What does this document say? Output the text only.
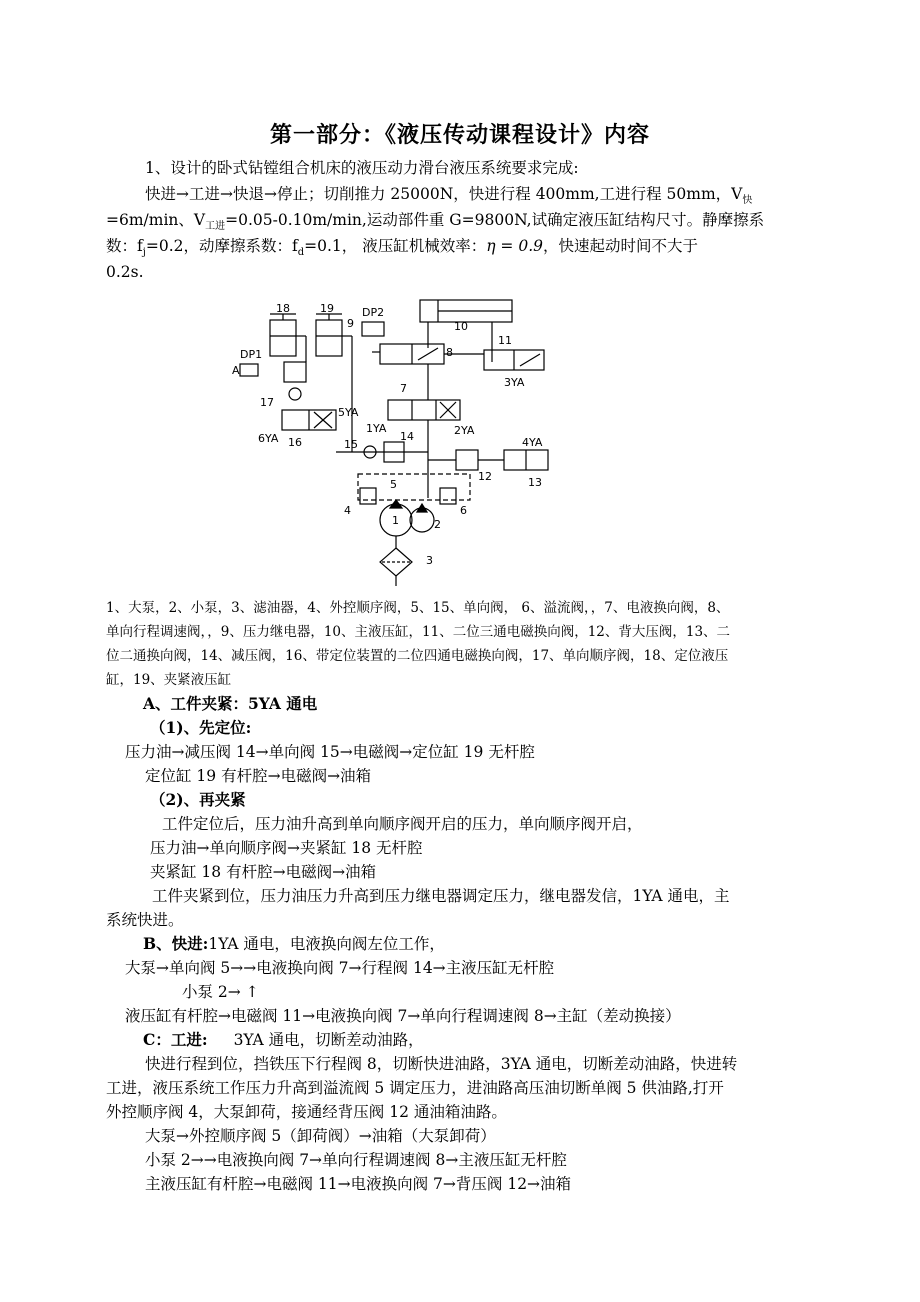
第一部分：《液压传动课程设计》内容
1、设计的卧式钻镗组合机床的液压动力滑台液压系统要求完成:
快进→工进→快退→停止；切削推力 25000N，快进行程 400mm,工进行程 50mm，$V_快$
=6m/min、$V_{工进}=0.05-0.10m/\min$,运动部件重 G=9800N,试确定液压缸结构尺寸。静摩擦系
数：$f_j=0.2$，动摩擦系数：$f_d=0.1$， 液压缸机械效率：η = 0.9，快速起动时间不大于
0.2s.
18	19
10
DP2
9
8
11
3YA
DP1
A
17
5YA
6YA 16
7
1YA	2YA
15
14
12
4YA
13
5
4	6
1	2
3
1、大泵，2、小泵，3、滤油器，4、外控顺序阀，5、15、单向阀， 6、溢流阀，，7、电液换向阀，8、
单向行程调速阀，，9、压力继电器，10、主液压缸，11、二位三通电磁换向阀，12、背大压阀，13、二
位二通换向阀，14、减压阀，16、带定位装置的二位四通电磁换向阀，17、单向顺序阀，18、定位液压
缸，19、夹紧液压缸
A、工件夹紧：5YA 通电
（1)、先定位:
压力油→减压阀 14→单向阀 15→电磁阀→定位缸 19 无杆腔
定位缸 19 有杆腔→电磁阀→油箱
（2)、再夹紧
工件定位后，压力油升高到单向顺序阀开启的压力，单向顺序阀开启，
压力油→单向顺序阀→夹紧缸 18 无杆腔
夹紧缸 18 有杆腔→电磁阀→油箱
工件夹紧到位，压力油压力升高到压力继电器调定压力，继电器发信，1YA 通电，主
系统快进。
B、快进:1YA 通电，电液换向阀左位工作，
大泵→单向阀 5→→电液换向阀 7→行程阀 14→主液压缸无杆腔
小泵 2→ ↑
液压缸有杆腔→电磁阀 11→电液换向阀 7→单向行程调速阀 8→主缸（差动换接）
C：工进: 3YA 通电，切断差动油路，
快进行程到位，挡铁压下行程阀 8，切断快进油路，3YA 通电，切断差动油路，快进转
工进，液压系统工作压力升高到溢流阀 5 调定压力，进油路高压油切断单阀 5 供油路,打开
外控顺序阀 4，大泵卸荷，接通经背压阀 12 通油箱油路。
大泵→外控顺序阀 5（卸荷阀）→油箱（大泵卸荷）
小泵 2→→电液换向阀 7→单向行程调速阀 8→主液压缸无杆腔
主液压缸有杆腔→电磁阀 11→电液换向阀 7→背压阀 12→油箱
